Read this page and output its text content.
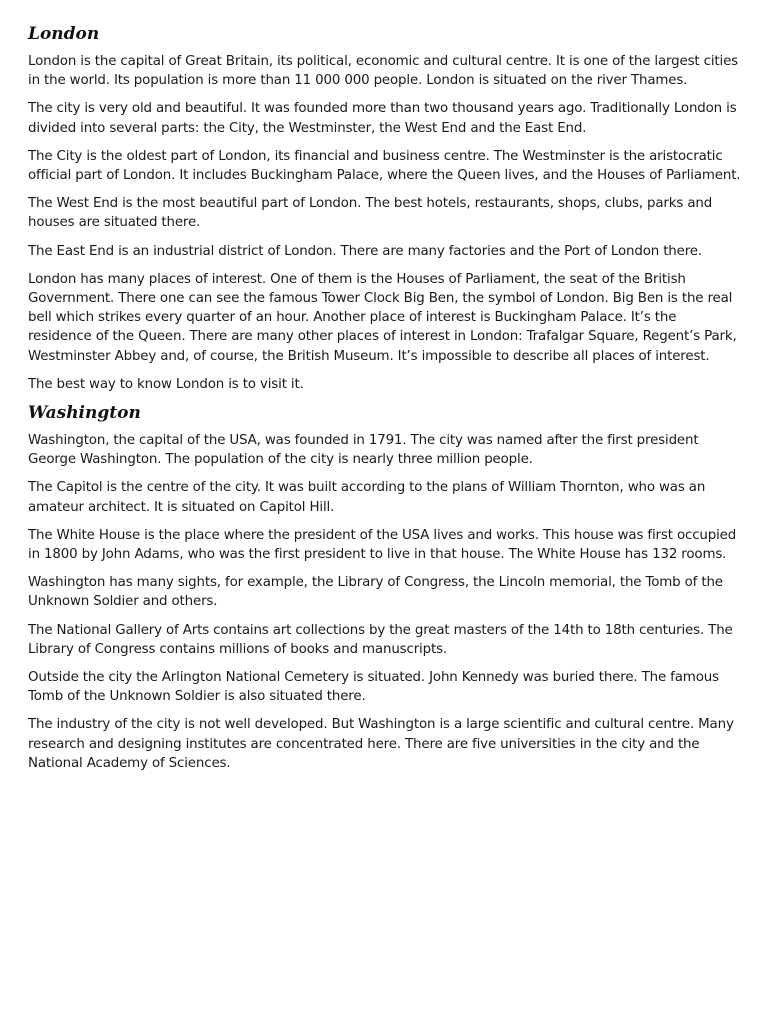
London

London is the capital of Great Britain, its political, economic and cultural centre. It is one of the largest cities in the world. Its population is more than 11 000 000 people. London is situated on the river Thames.

The city is very old and beautiful. It was founded more than two thousand years ago. Traditionally London is divided into several parts: the City, the Westminster, the West End and the East End.

The City is the oldest part of London, its financial and business centre. The Westminster is the aristocratic official part of London. It includes Buckingham Palace, where the Queen lives, and the Houses of Parliament.

The West End is the most beautiful part of London. The best hotels, restaurants, shops, clubs, parks and houses are situated there.

The East End is an industrial district of London. There are many factories and the Port of London there.

London has many places of interest. One of them is the Houses of Parliament, the seat of the British Government. There one can see the famous Tower Clock Big Ben, the symbol of London. Big Ben is the real bell which strikes every quarter of an hour. Another place of interest is Buckingham Palace. It’s the residence of the Queen. There are many other places of interest in London: Trafalgar Square, Regent’s Park, Westminster Abbey and, of course, the British Museum. It’s impossible to describe all places of interest.

The best way to know London is to visit it.

Washington

Washington, the capital of the USA, was founded in 1791. The city was named after the first president George Washington. The population of the city is nearly three million people.

The Capitol is the centre of the city. It was built according to the plans of William Thornton, who was an amateur architect. It is situated on Capitol Hill.

The White House is the place where the president of the USA lives and works. This house was first occupied in 1800 by John Adams, who was the first president to live in that house. The White House has 132 rooms.

Washington has many sights, for example, the Library of Congress, the Lincoln memorial, the Tomb of the Unknown Soldier and others.

The National Gallery of Arts contains art collections by the great masters of the 14th to 18th centuries. The Library of Congress contains millions of books and manuscripts.

Outside the city the Arlington National Cemetery is situated. John Kennedy was buried there. The famous Tomb of the Unknown Soldier is also situated there.

The industry of the city is not well developed. But Washington is a large scientific and cultural centre. Many research and designing institutes are concentrated here. There are five universities in the city and the National Academy of Sciences.
